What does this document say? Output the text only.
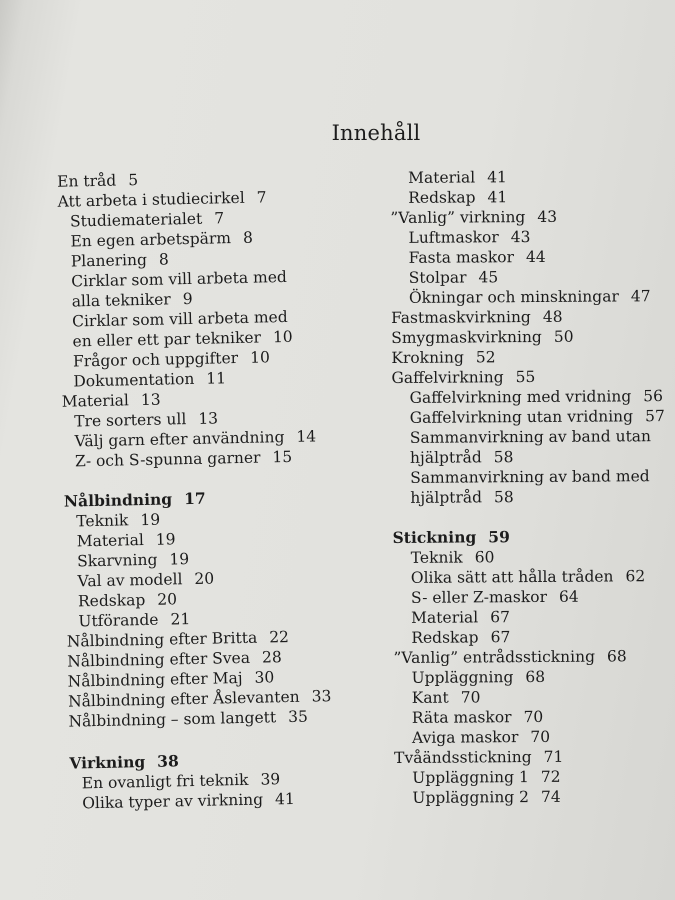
Innehåll
En tråd 5
Att arbeta i studiecirkel 7
Studiematerialet 7
En egen arbetspärm 8
Planering 8
Cirklar som vill arbeta med
alla tekniker 9
Cirklar som vill arbeta med
en eller ett par tekniker 10
Frågor och uppgifter 10
Dokumentation 11
Material 13
Tre sorters ull 13
Välj garn efter användning 14
Z- och S-spunna garner 15
Nålbindning 17
Teknik 19
Material 19
Skarvning 19
Val av modell 20
Redskap 20
Utförande 21
Nålbindning efter Britta 22
Nålbindning efter Svea 28
Nålbindning efter Maj 30
Nålbindning efter Åslevanten 33
Nålbindning – som langett 35
Virkning 38
En ovanligt fri teknik 39
Olika typer av virkning 41
Material 41
Redskap 41
”Vanlig” virkning 43
Luftmaskor 43
Fasta maskor 44
Stolpar 45
Ökningar och minskningar 47
Fastmaskvirkning 48
Smygmaskvirkning 50
Krokning 52
Gaffelvirkning 55
Gaffelvirkning med vridning 56
Gaffelvirkning utan vridning 57
Sammanvirkning av band utan
hjälptråd 58
Sammanvirkning av band med
hjälptråd 58
Stickning 59
Teknik 60
Olika sätt att hålla tråden 62
S- eller Z-maskor 64
Material 67
Redskap 67
”Vanlig” entrådsstickning 68
Uppläggning 68
Kant 70
Räta maskor 70
Aviga maskor 70
Tvåändsstickning 71
Uppläggning 1 72
Uppläggning 2 74
